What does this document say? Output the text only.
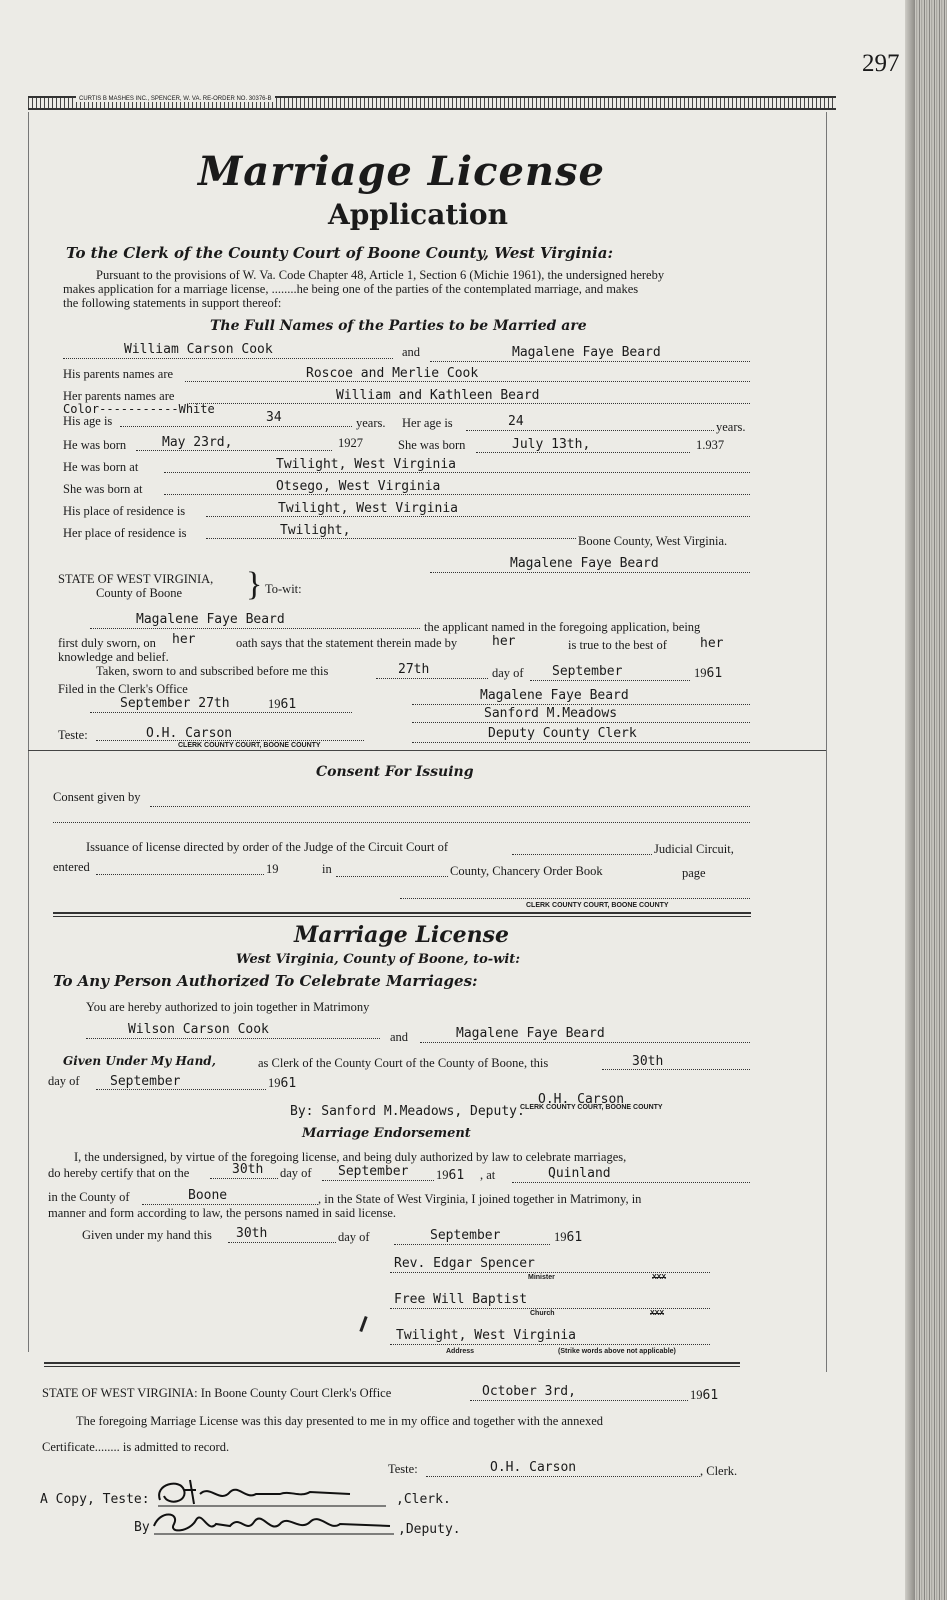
297
CURTIS B MASHES INC., SPENCER, W. VA. RE-ORDER NO. 30376-B
Marriage License
Application
To the Clerk of the County Court of Boone County, West Virginia:
Pursuant to the provisions of W. Va. Code Chapter 48, Article 1, Section 6 (Michie 1961), the undersigned hereby
makes application for a marriage license, ........he being one of the parties of the contemplated marriage, and makes
the following statements in support thereof:
The Full Names of the Parties to be Married are
William Carson Cook	and	Magalene Faye Beard
His parents names are	Roscoe and Merlie Cook
Her parents names are	William and Kathleen Beard
Color-----------White
His age is	34	years. Her age is	24	years.
He was born	May 23rd,	1927	She was born	July 13th,	1.937
He was born at	Twilight, West Virginia
She was born at	Otsego, West Virginia
His place of residence is	Twilight, West Virginia
Her place of residence is	Twilight,
Boone County, West Virginia.
Magalene Faye Beard
STATE OF WEST VIRGINIA,
County of Boone } To-wit:
Magalene Faye Beard	the applicant named in the foregoing application, being
first duly sworn, on her	oath says that the statement therein made by	her	is true to the best of	her
knowledge and belief.
Taken, sworn to and subscribed before me this	27th	day of September	1961
Filed in the Clerk's Office
September 27th	1961
Magalene Faye Beard
Sanford M.Meadows
Teste:	O.H. Carson
CLERK COUNTY COURT, BOONE COUNTY
Deputy County Clerk
Consent For Issuing
Consent given by
Issuance of license directed by order of the Judge of the Circuit Court of	Judicial Circuit,
entered	19	in	County, Chancery Order Book	page
CLERK COUNTY COURT, BOONE COUNTY
Marriage License
West Virginia, County of Boone, to-wit:
To Any Person Authorized To Celebrate Marriages:
You are hereby authorized to join together in Matrimony
Wilson Carson Cook	and	Magalene Faye Beard
Given Under My Hand,	as Clerk of the County Court of the County of Boone, this	30th
day of September	1961
O.H. Carson
By: Sanford M.Meadows, Deputy.
CLERK COUNTY COURT, BOONE COUNTY
Marriage Endorsement
I, the undersigned, by virtue of the foregoing license, and being duly authorized by law to celebrate marriages,
do hereby certify that on the	30th day of September 1961 , at	Quinland
in the County of	Boone	, in the State of West Virginia, I joined together in Matrimony, in
manner and form according to law, the persons named in said license.
Given under my hand this 30th	day of	September	1961
Rev. Edgar Spencer
Minister	XXX
Free Will Baptist
Church	XXX
Twilight, West Virginia
Address	(Strike words above not applicable)
STATE OF WEST VIRGINIA: In Boone County Court Clerk's Office	October 3rd,	1961
The foregoing Marriage License was this day presented to me in my office and together with the annexed
Certificate........ is admitted to record.
Teste:	O.H. Carson	, Clerk.
A Copy, Teste:	,Clerk.
By	,Deputy.
